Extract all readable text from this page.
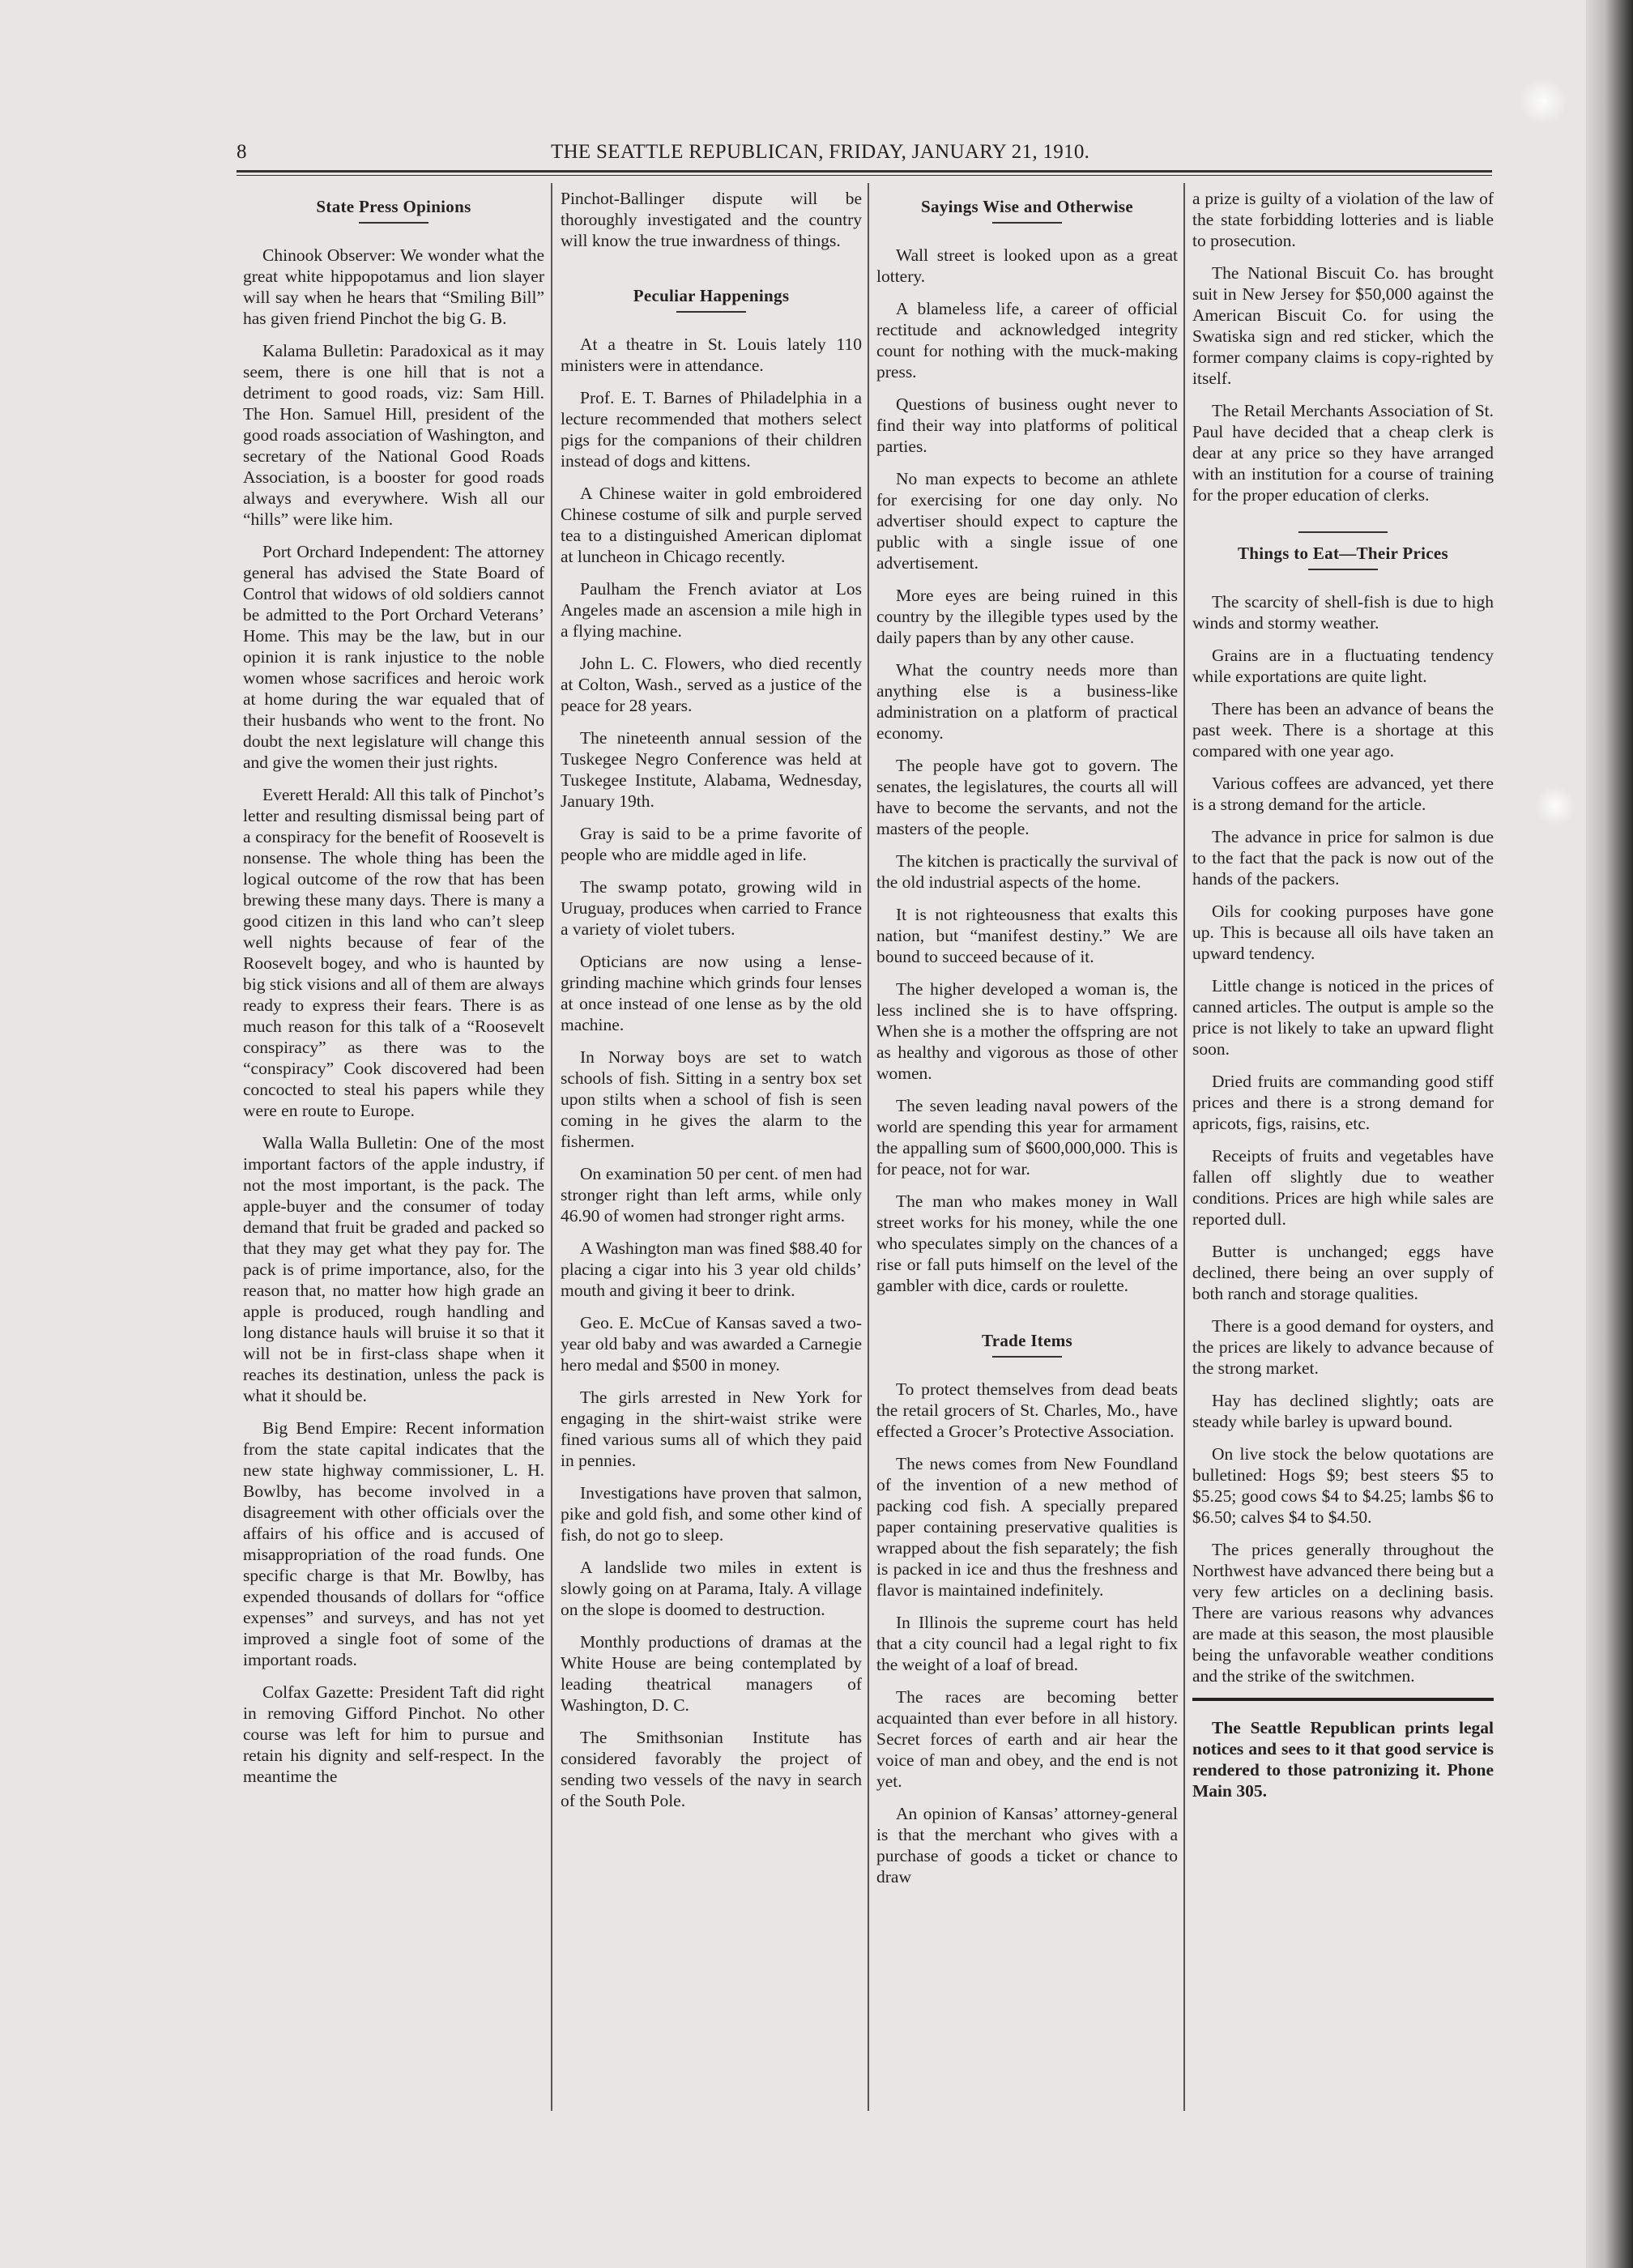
8	THE SEATTLE REPUBLICAN, FRIDAY, JANUARY 21, 1910.
State Press Opinions

Chinook Observer: We wonder what the great white hippopotamus and lion slayer will say when he hears that “Smiling Bill” has given friend Pinchot the big G. B.

Kalama Bulletin: Paradoxical as it may seem, there is one hill that is not a detriment to good roads, viz: Sam Hill. The Hon. Samuel Hill, president of the good roads association of Washington, and secretary of the National Good Roads Association, is a booster for good roads always and everywhere. Wish all our “hills” were like him.

Port Orchard Independent: The attorney general has advised the State Board of Control that widows of old soldiers cannot be admitted to the Port Orchard Veterans’ Home. This may be the law, but in our opinion it is rank injustice to the noble women whose sacrifices and heroic work at home during the war equaled that of their husbands who went to the front. No doubt the next legislature will change this and give the women their just rights.

Everett Herald: All this talk of Pinchot’s letter and resulting dismissal being part of a conspiracy for the benefit of Roosevelt is nonsense. The whole thing has been the logical outcome of the row that has been brewing these many days. There is many a good citizen in this land who can’t sleep well nights because of fear of the Roosevelt bogey, and who is haunted by big stick visions and all of them are always ready to express their fears. There is as much reason for this talk of a “Roosevelt conspiracy” as there was to the “conspiracy” Cook discovered had been concocted to steal his papers while they were en route to Europe.

Walla Walla Bulletin: One of the most important factors of the apple industry, if not the most important, is the pack. The apple-buyer and the consumer of today demand that fruit be graded and packed so that they may get what they pay for. The pack is of prime importance, also, for the reason that, no matter how high grade an apple is produced, rough handling and long distance hauls will bruise it so that it will not be in first-class shape when it reaches its destination, unless the pack is what it should be.

Big Bend Empire: Recent information from the state capital indicates that the new state highway commissioner, L. H. Bowlby, has become involved in a disagreement with other officials over the affairs of his office and is accused of misappropriation of the road funds. One specific charge is that Mr. Bowlby, has expended thousands of dollars for “office expenses” and surveys, and has not yet improved a single foot of some of the important roads.

Colfax Gazette: President Taft did right in removing Gifford Pinchot. No other course was left for him to pursue and retain his dignity and self-respect. In the meantime the

Pinchot-Ballinger dispute will be thoroughly investigated and the country will know the true inwardness of things.

Peculiar Happenings

At a theatre in St. Louis lately 110 ministers were in attendance.

Prof. E. T. Barnes of Philadelphia in a lecture recommended that mothers select pigs for the companions of their children instead of dogs and kittens.

A Chinese waiter in gold embroidered Chinese costume of silk and purple served tea to a distinguished American diplomat at luncheon in Chicago recently.

Paulham the French aviator at Los Angeles made an ascension a mile high in a flying machine.

John L. C. Flowers, who died recently at Colton, Wash., served as a justice of the peace for 28 years.

The nineteenth annual session of the Tuskegee Negro Conference was held at Tuskegee Institute, Alabama, Wednesday, January 19th.

Gray is said to be a prime favorite of people who are middle aged in life.

The swamp potato, growing wild in Uruguay, produces when carried to France a variety of violet tubers.

Opticians are now using a lense-grinding machine which grinds four lenses at once instead of one lense as by the old machine.

In Norway boys are set to watch schools of fish. Sitting in a sentry box set upon stilts when a school of fish is seen coming in he gives the alarm to the fishermen.

On examination 50 per cent. of men had stronger right than left arms, while only 46.90 of women had stronger right arms.

A Washington man was fined $88.40 for placing a cigar into his 3 year old childs’ mouth and giving it beer to drink.

Geo. E. McCue of Kansas saved a two-year old baby and was awarded a Carnegie hero medal and $500 in money.

The girls arrested in New York for engaging in the shirt-waist strike were fined various sums all of which they paid in pennies.

Investigations have proven that salmon, pike and gold fish, and some other kind of fish, do not go to sleep.

A landslide two miles in extent is slowly going on at Parama, Italy. A village on the slope is doomed to destruction.

Monthly productions of dramas at the White House are being contemplated by leading theatrical managers of Washington, D. C.

The Smithsonian Institute has considered favorably the project of sending two vessels of the navy in search of the South Pole.

Sayings Wise and Otherwise

Wall street is looked upon as a great lottery.

A blameless life, a career of official rectitude and acknowledged integrity count for nothing with the muck-making press.

Questions of business ought never to find their way into platforms of political parties.

No man expects to become an athlete for exercising for one day only. No advertiser should expect to capture the public with a single issue of one advertisement.

More eyes are being ruined in this country by the illegible types used by the daily papers than by any other cause.

What the country needs more than anything else is a business-like administration on a platform of practical economy.

The people have got to govern. The senates, the legislatures, the courts all will have to become the servants, and not the masters of the people.

The kitchen is practically the survival of the old industrial aspects of the home.

It is not righteousness that exalts this nation, but “manifest destiny.” We are bound to succeed because of it.

The higher developed a woman is, the less inclined she is to have offspring. When she is a mother the offspring are not as healthy and vigorous as those of other women.

The seven leading naval powers of the world are spending this year for armament the appalling sum of $600,000,000. This is for peace, not for war.

The man who makes money in Wall street works for his money, while the one who speculates simply on the chances of a rise or fall puts himself on the level of the gambler with dice, cards or roulette.

Trade Items

To protect themselves from dead beats the retail grocers of St. Charles, Mo., have effected a Grocer’s Protective Association.

The news comes from New Foundland of the invention of a new method of packing cod fish. A specially prepared paper containing preservative qualities is wrapped about the fish separately; the fish is packed in ice and thus the freshness and flavor is maintained indefinitely.

In Illinois the supreme court has held that a city council had a legal right to fix the weight of a loaf of bread.

The races are becoming better acquainted than ever before in all history. Secret forces of earth and air hear the voice of man and obey, and the end is not yet.

An opinion of Kansas’ attorney-general is that the merchant who gives with a purchase of goods a ticket or chance to draw

a prize is guilty of a violation of the law of the state forbidding lotteries and is liable to prosecution.

The National Biscuit Co. has brought suit in New Jersey for $50,000 against the American Biscuit Co. for using the Swatiska sign and red sticker, which the former company claims is copy-righted by itself.

The Retail Merchants Association of St. Paul have decided that a cheap clerk is dear at any price so they have arranged with an institution for a course of training for the proper education of clerks.

Things to Eat—Their Prices

The scarcity of shell-fish is due to high winds and stormy weather.

Grains are in a fluctuating tendency while exportations are quite light.

There has been an advance of beans the past week. There is a shortage at this compared with one year ago.

Various coffees are advanced, yet there is a strong demand for the article.

The advance in price for salmon is due to the fact that the pack is now out of the hands of the packers.

Oils for cooking purposes have gone up. This is because all oils have taken an upward tendency.

Little change is noticed in the prices of canned articles. The output is ample so the price is not likely to take an upward flight soon.

Dried fruits are commanding good stiff prices and there is a strong demand for apricots, figs, raisins, etc.

Receipts of fruits and vegetables have fallen off slightly due to weather conditions. Prices are high while sales are reported dull.

Butter is unchanged; eggs have declined, there being an over supply of both ranch and storage qualities.

There is a good demand for oysters, and the prices are likely to advance because of the strong market.

Hay has declined slightly; oats are steady while barley is upward bound.

On live stock the below quotations are bulletined: Hogs $9; best steers $5 to $5.25; good cows $4 to $4.25; lambs $6 to $6.50; calves $4 to $4.50.

The prices generally throughout the Northwest have advanced there being but a very few articles on a declining basis. There are various reasons why advances are made at this season, the most plausible being the unfavorable weather conditions and the strike of the switchmen.

The Seattle Republican prints legal notices and sees to it that good service is rendered to those patronizing it. Phone Main 305.
